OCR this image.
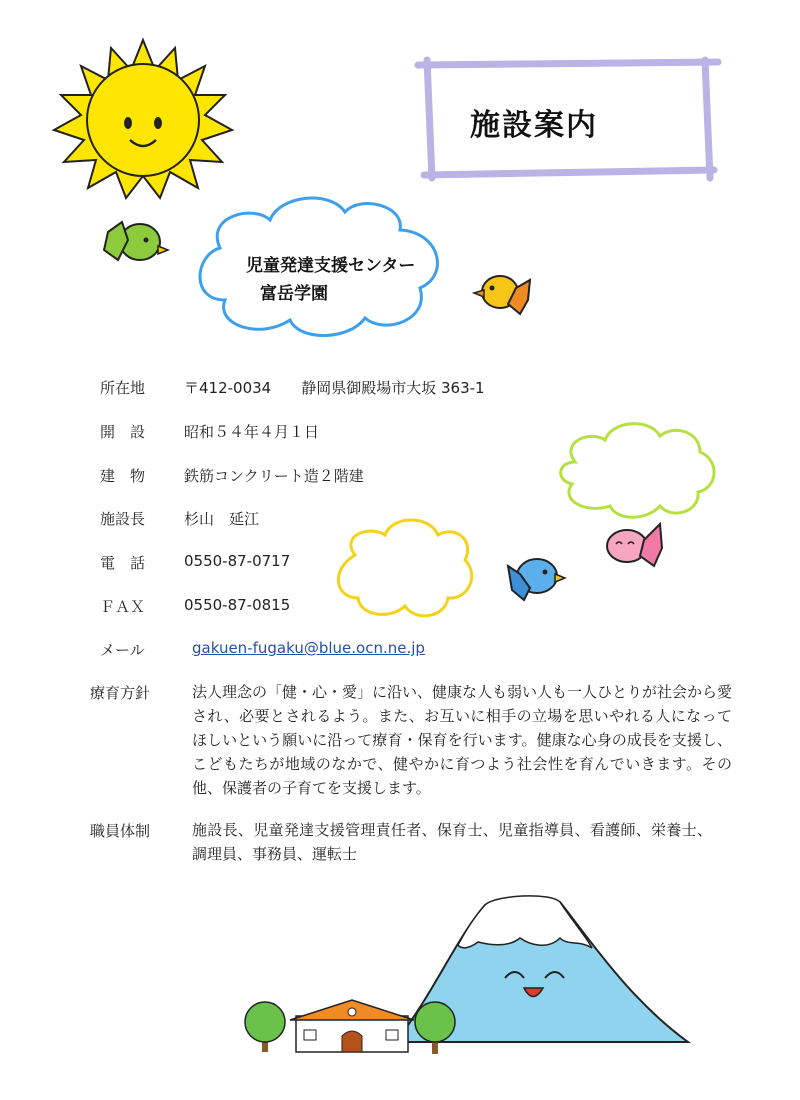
施設案内
児童発達支援センター
富岳学園
所在地	〒412-0034　　静岡県御殿場市大坂 363-1
開　設	昭和５４年４月１日
建　物	鉄筋コンクリート造２階建
施設長	杉山　延江
電　話	0550-87-0717
ＦＡＸ	0550-87-0815
メール	gakuen-fugaku@blue.ocn.ne.jp
療育方針	法人理念の「健・心・愛」に沿い、健康な人も弱い人も一人ひとりが社会から愛され、必要とされるよう。また、お互いに相手の立場を思いやれる人になってほしいという願いに沿って療育・保育を行います。健康な心身の成長を支援し、こどもたちが地域のなかで、健やかに育つよう社会性を育んでいきます。その他、保護者の子育てを支援します。
職員体制	施設長、児童発達支援管理責任者、保育士、児童指導員、看護師、栄養士、調理員、事務員、運転士
